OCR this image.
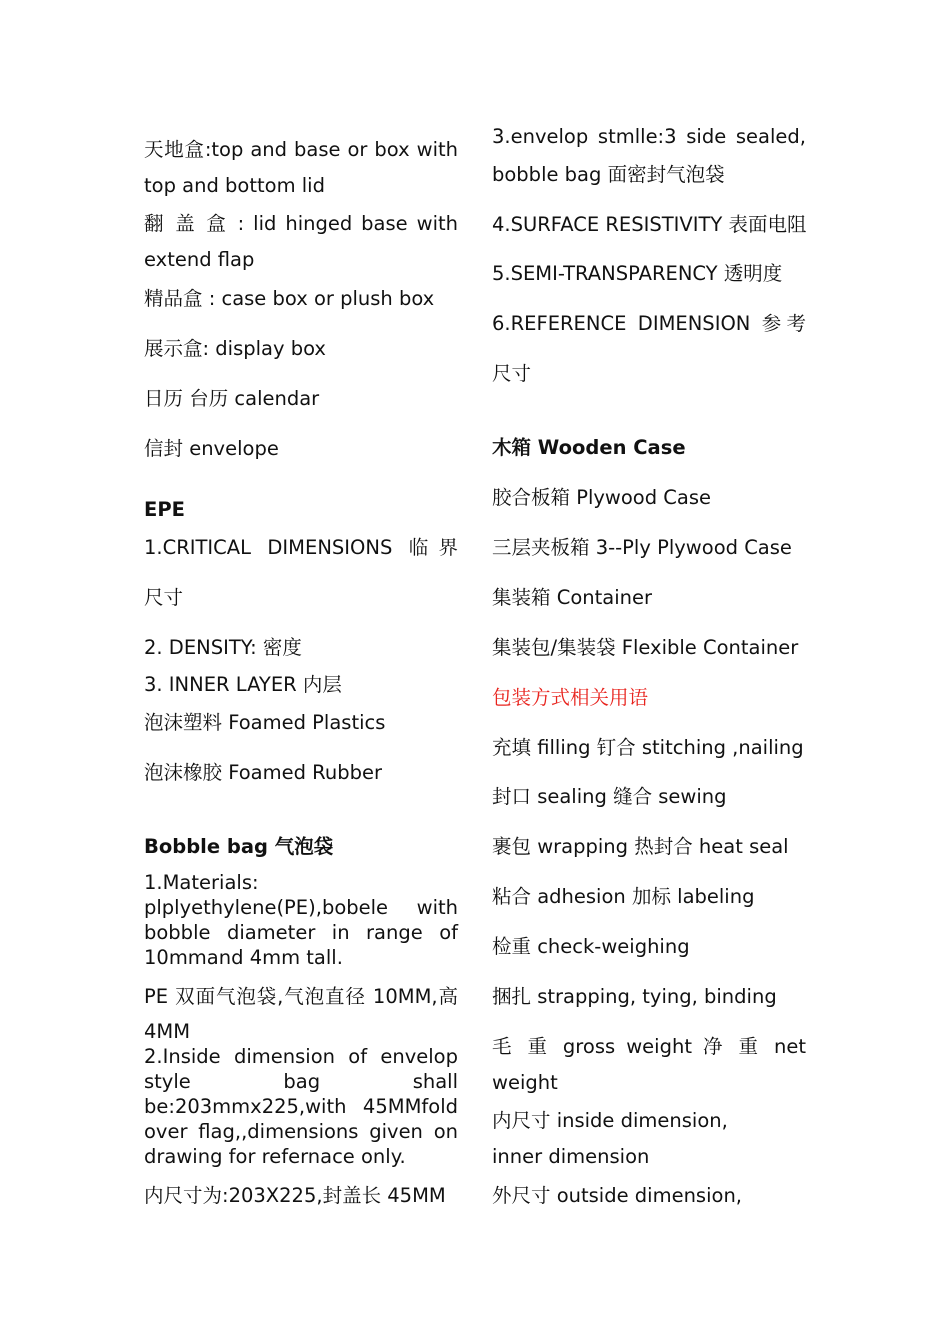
天地盒:top and base or box with
top and bottom lid
翻 盖 盒 : lid hinged base with
extend flap
精品盒 : case box or plush box
展示盒: display box
日历 台历 calendar
信封 envelope
EPE
1.CRITICAL DIMENSIONS 临界
尺寸
2. DENSITY: 密度
3. INNER LAYER 内层
泡沫塑料 Foamed Plastics
泡沫橡胶 Foamed Rubber
Bobble bag 气泡袋
1.Materials:
plplyethylene(PE),bobele with
bobble diameter in range of
10mmand 4mm tall.
PE 双面气泡袋,气泡直径 10MM,高
4MM
2.Inside dimension of envelop
style bag shall
be:203mmx225,with 45MMfold
over flag,,dimensions given on
drawing for refernace only.
内尺寸为:203X225,封盖长 45MM
3.envelop stmlle:3 side sealed,
bobble bag 面密封气泡袋
4.SURFACE RESISTIVITY 表面电阻
5.SEMI-TRANSPARENCY 透明度
6.REFERENCE DIMENSION 参考
尺寸
木箱 Wooden Case
胶合板箱 Plywood Case
三层夹板箱 3--Ply Plywood Case
集装箱 Container
集装包/集装袋 Flexible Container
包装方式相关用语
充填 filling 钉合 stitching ,nailing
封口 sealing 缝合 sewing
裹包 wrapping 热封合 heat seal
粘合 adhesion 加标 labeling
检重 check-weighing
捆扎 strapping, tying, binding
毛 重 gross weight 净 重 net
weight
内尺寸 inside dimension,
inner dimension
外尺寸 outside dimension,
